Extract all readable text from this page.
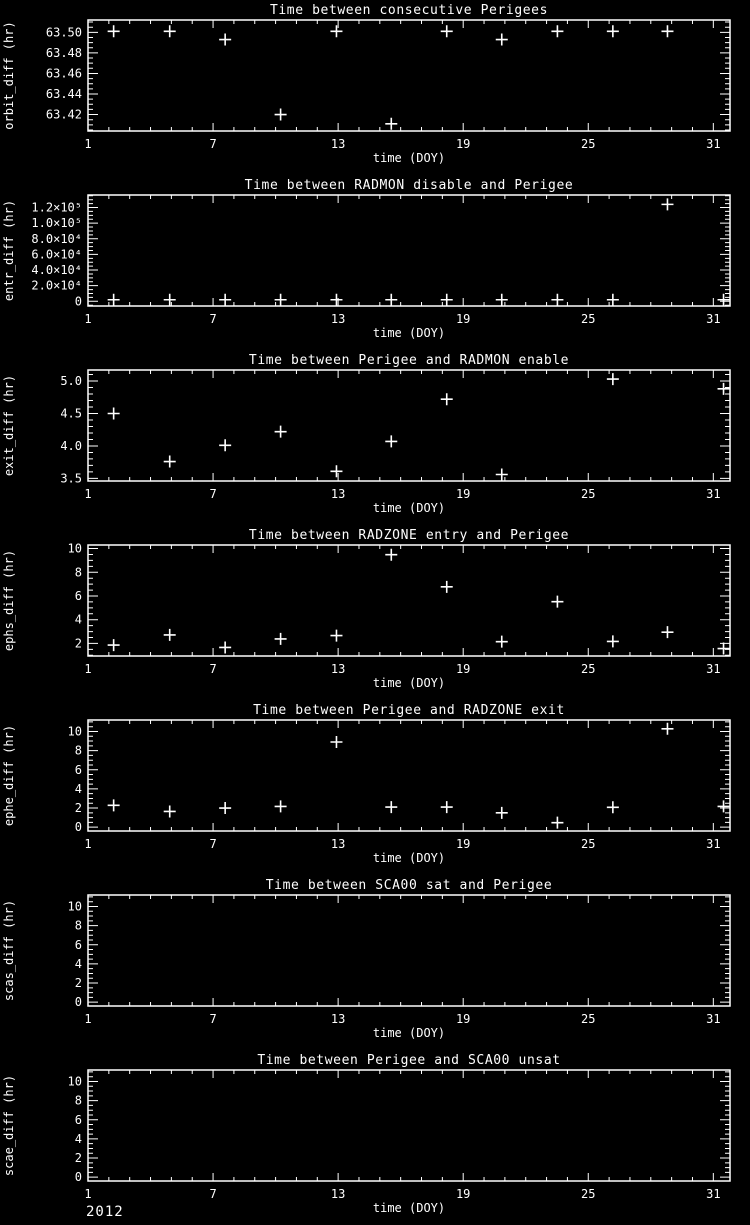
Time between consecutive Perigees
1	7	13	19	25	31
63.42
63.44
63.46
63.48
63.50
orbit_diff (hr)
time (DOY)
Time between RADMON disable and Perigee
1	7	13	19	25	31
0
2.0×10⁴
4.0×10⁴
6.0×10⁴
8.0×10⁴
1.0×10⁵
1.2×10⁵
entr_diff (hr)
time (DOY)
Time between Perigee and RADMON enable
1	7	13	19	25	31
3.5
4.0
4.5
5.0
exit_diff (hr)
time (DOY)
Time between RADZONE entry and Perigee
1	7	13	19	25	31
2
4
6
8
10
ephs_diff (hr)
time (DOY)
Time between Perigee and RADZONE exit
1	7	13	19	25	31
0
2
4
6
8
10
ephe_diff (hr)
time (DOY)
Time between SCA00 sat and Perigee
1	7	13	19	25	31
0
2
4
6
8
10
scas_diff (hr)
time (DOY)
Time between Perigee and SCA00 unsat
1	7	13	19	25	31
0
2
4
6
8
10
scae_diff (hr)
time (DOY)
2012
